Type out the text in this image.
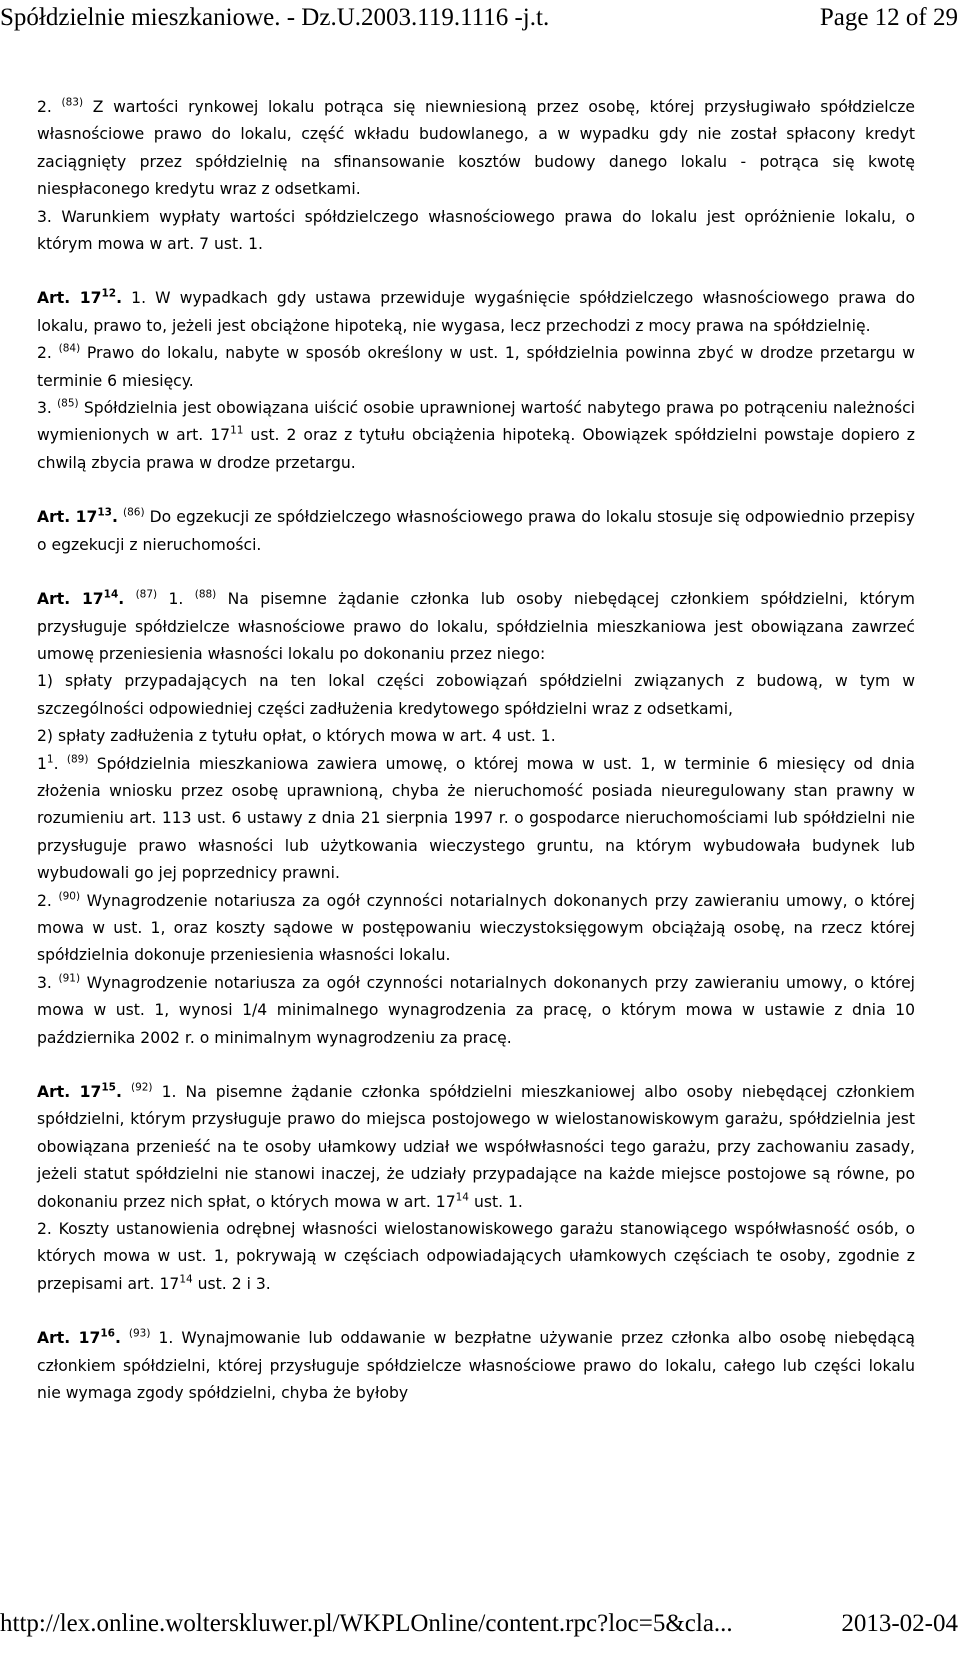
Spółdzielnie mieszkaniowe. - Dz.U.2003.119.1116 -j.t.	Page 12 of 29

2. $^{(83)}$ Z wartości rynkowej lokalu potrąca się niewniesioną przez osobę, której przysługiwało spółdzielcze własnościowe prawo do lokalu, część wkładu budowlanego, a w wypadku gdy nie został spłacony kredyt zaciągnięty przez spółdzielnię na sfinansowanie kosztów budowy danego lokalu - potrąca się kwotę niespłaconego kredytu wraz z odsetkami.

3. Warunkiem wypłaty wartości spółdzielczego własnościowego prawa do lokalu jest opróżnienie lokalu, o którym mowa w art. 7 ust. 1.

Art. $17^{12}$. 1. W wypadkach gdy ustawa przewiduje wygaśnięcie spółdzielczego własnościowego prawa do lokalu, prawo to, jeżeli jest obciążone hipoteką, nie wygasa, lecz przechodzi z mocy prawa na spółdzielnię.

2. $^{(84)}$ Prawo do lokalu, nabyte w sposób określony w ust. 1, spółdzielnia powinna zbyć w drodze przetargu w terminie 6 miesięcy.

3. $^{(85)}$ Spółdzielnia jest obowiązana uiścić osobie uprawnionej wartość nabytego prawa po potrąceniu należności wymienionych w art. $17^{11}$ ust. 2 oraz z tytułu obciążenia hipoteką. Obowiązek spółdzielni powstaje dopiero z chwilą zbycia prawa w drodze przetargu.

Art. $17^{13}$. $^{(86)}$ Do egzekucji ze spółdzielczego własnościowego prawa do lokalu stosuje się odpowiednio przepisy o egzekucji z nieruchomości.

Art. $17^{14}$. $^{(87)}$ 1. $^{(88)}$ Na pisemne żądanie członka lub osoby niebędącej członkiem spółdzielni, którym przysługuje spółdzielcze własnościowe prawo do lokalu, spółdzielnia mieszkaniowa jest obowiązana zawrzeć umowę przeniesienia własności lokalu po dokonaniu przez niego:

1) spłaty przypadających na ten lokal części zobowiązań spółdzielni związanych z budową, w tym w szczególności odpowiedniej części zadłużenia kredytowego spółdzielni wraz z odsetkami,

2) spłaty zadłużenia z tytułu opłat, o których mowa w art. 4 ust. 1.

$1^1$. $^{(89)}$ Spółdzielnia mieszkaniowa zawiera umowę, o której mowa w ust. 1, w terminie 6 miesięcy od dnia złożenia wniosku przez osobę uprawnioną, chyba że nieruchomość posiada nieuregulowany stan prawny w rozumieniu art. 113 ust. 6 ustawy z dnia 21 sierpnia 1997 r. o gospodarce nieruchomościami lub spółdzielni nie przysługuje prawo własności lub użytkowania wieczystego gruntu, na którym wybudowała budynek lub wybudowali go jej poprzednicy prawni.

2. $^{(90)}$ Wynagrodzenie notariusza za ogół czynności notarialnych dokonanych przy zawieraniu umowy, o której mowa w ust. 1, oraz koszty sądowe w postępowaniu wieczystoksięgowym obciążają osobę, na rzecz której spółdzielnia dokonuje przeniesienia własności lokalu.

3. $^{(91)}$ Wynagrodzenie notariusza za ogół czynności notarialnych dokonanych przy zawieraniu umowy, o której mowa w ust. 1, wynosi 1/4 minimalnego wynagrodzenia za pracę, o którym mowa w ustawie z dnia 10 października 2002 r. o minimalnym wynagrodzeniu za pracę.

Art. $17^{15}$. $^{(92)}$ 1. Na pisemne żądanie członka spółdzielni mieszkaniowej albo osoby niebędącej członkiem spółdzielni, którym przysługuje prawo do miejsca postojowego w wielostanowiskowym garażu, spółdzielnia jest obowiązana przenieść na te osoby ułamkowy udział we współwłasności tego garażu, przy zachowaniu zasady, jeżeli statut spółdzielni nie stanowi inaczej, że udziały przypadające na każde miejsce postojowe są równe, po dokonaniu przez nich spłat, o których mowa w art. $17^{14}$ ust. 1.

2. Koszty ustanowienia odrębnej własności wielostanowiskowego garażu stanowiącego współwłasność osób, o których mowa w ust. 1, pokrywają w częściach odpowiadających ułamkowych częściach te osoby, zgodnie z przepisami art. $17^{14}$ ust. 2 i 3.

Art. $17^{16}$. $^{(93)}$ 1. Wynajmowanie lub oddawanie w bezpłatne używanie przez członka albo osobę niebędącą członkiem spółdzielni, której przysługuje spółdzielcze własnościowe prawo do lokalu, całego lub części lokalu nie wymaga zgody spółdzielni, chyba że byłoby

http://lex.online.wolterskluwer.pl/WKPLOnline/content.rpc?loc=5&cla...	2013-02-04
